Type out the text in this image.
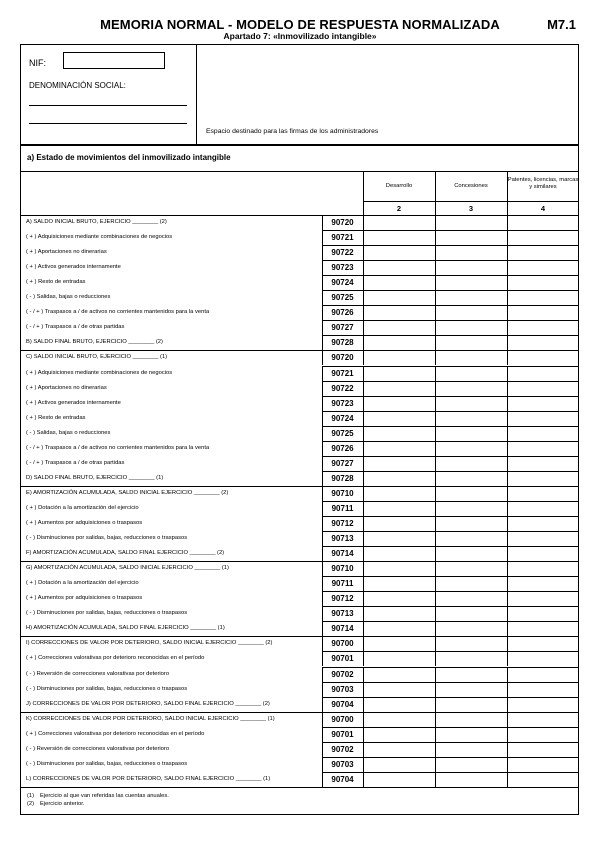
MEMORIA NORMAL - MODELO DE RESPUESTA NORMALIZADA
Apartado 7: «Inmovilizado intangible»
M7.1
NIF:
DENOMINACIÓN SOCIAL:
Espacio destinado para las firmas de los administradores
a) Estado de movimientos del inmovilizado intangible
Desarrollo
2
Concesiones
3
Patentes, licencias, marcas y similares
4
A) SALDO INICIAL BRUTO, EJERCICIO ________ (2)	90720
( + ) Adquisiciones mediante combinaciones de negocios	90721
( + ) Aportaciones no dinerarias	90722
( + ) Activos generados internamente	90723
( + ) Resto de entradas	90724
( - ) Salidas, bajas o reducciones	90725
( - / + ) Traspasos a / de activos no corrientes mantenidos para la venta	90726
( - / + ) Traspasos a / de otras partidas	90727
B) SALDO FINAL BRUTO, EJERCICIO ________ (2)	90728
C) SALDO INICIAL BRUTO, EJERCICIO ________ (1)	90720
( + ) Adquisiciones mediante combinaciones de negocios	90721
( + ) Aportaciones no dinerarias	90722
( + ) Activos generados internamente	90723
( + ) Resto de entradas	90724
( - ) Salidas, bajas o reducciones	90725
( - / + ) Traspasos a / de activos no corrientes mantenidos para la venta	90726
( - / + ) Traspasos a / de otras partidas	90727
D) SALDO FINAL BRUTO, EJERCICIO ________ (1)	90728
E) AMORTIZACIÓN ACUMULADA, SALDO INICIAL EJERCICIO ________ (2)	90710
( + ) Dotación a la amortización del ejercicio	90711
( + ) Aumentos por adquisiciones o traspasos	90712
( - ) Disminuciones por salidas, bajas, reducciones o traspasos	90713
F) AMORTIZACIÓN ACUMULADA, SALDO FINAL EJERCICIO ________ (2)	90714
G) AMORTIZACIÓN ACUMULADA, SALDO INICIAL EJERCICIO ________ (1)	90710
( + ) Dotación a la amortización del ejercicio	90711
( + ) Aumentos por adquisiciones o traspasos	90712
( - ) Disminuciones por salidas, bajas, reducciones o traspasos	90713
H) AMORTIZACIÓN ACUMULADA, SALDO FINAL EJERCICIO ________ (1)	90714
I) CORRECCIONES DE VALOR POR DETERIORO, SALDO INICIAL EJERCICIO ________ (2)	90700
( + ) Correcciones valorativas por deterioro reconocidas en el período	90701
( - ) Reversión de correcciones valorativas por deterioro	90702
( - ) Disminuciones por salidas, bajas, reducciones o traspasos	90703
J) CORRECCIONES DE VALOR POR DETERIORO, SALDO FINAL EJERCICIO ________ (2)	90704
K) CORRECCIONES DE VALOR POR DETERIORO, SALDO INICIAL EJERCICIO ________ (1)	90700
( + ) Correcciones valorativas por deterioro reconocidas en el período	90701
( - ) Reversión de correcciones valorativas por deterioro	90702
( - ) Disminuciones por salidas, bajas, reducciones o traspasos	90703
L) CORRECCIONES DE VALOR POR DETERIORO, SALDO FINAL EJERCICIO ________ (1)	90704
(1) Ejercicio al que van referidas las cuentas anuales.
(2) Ejercicio anterior.
